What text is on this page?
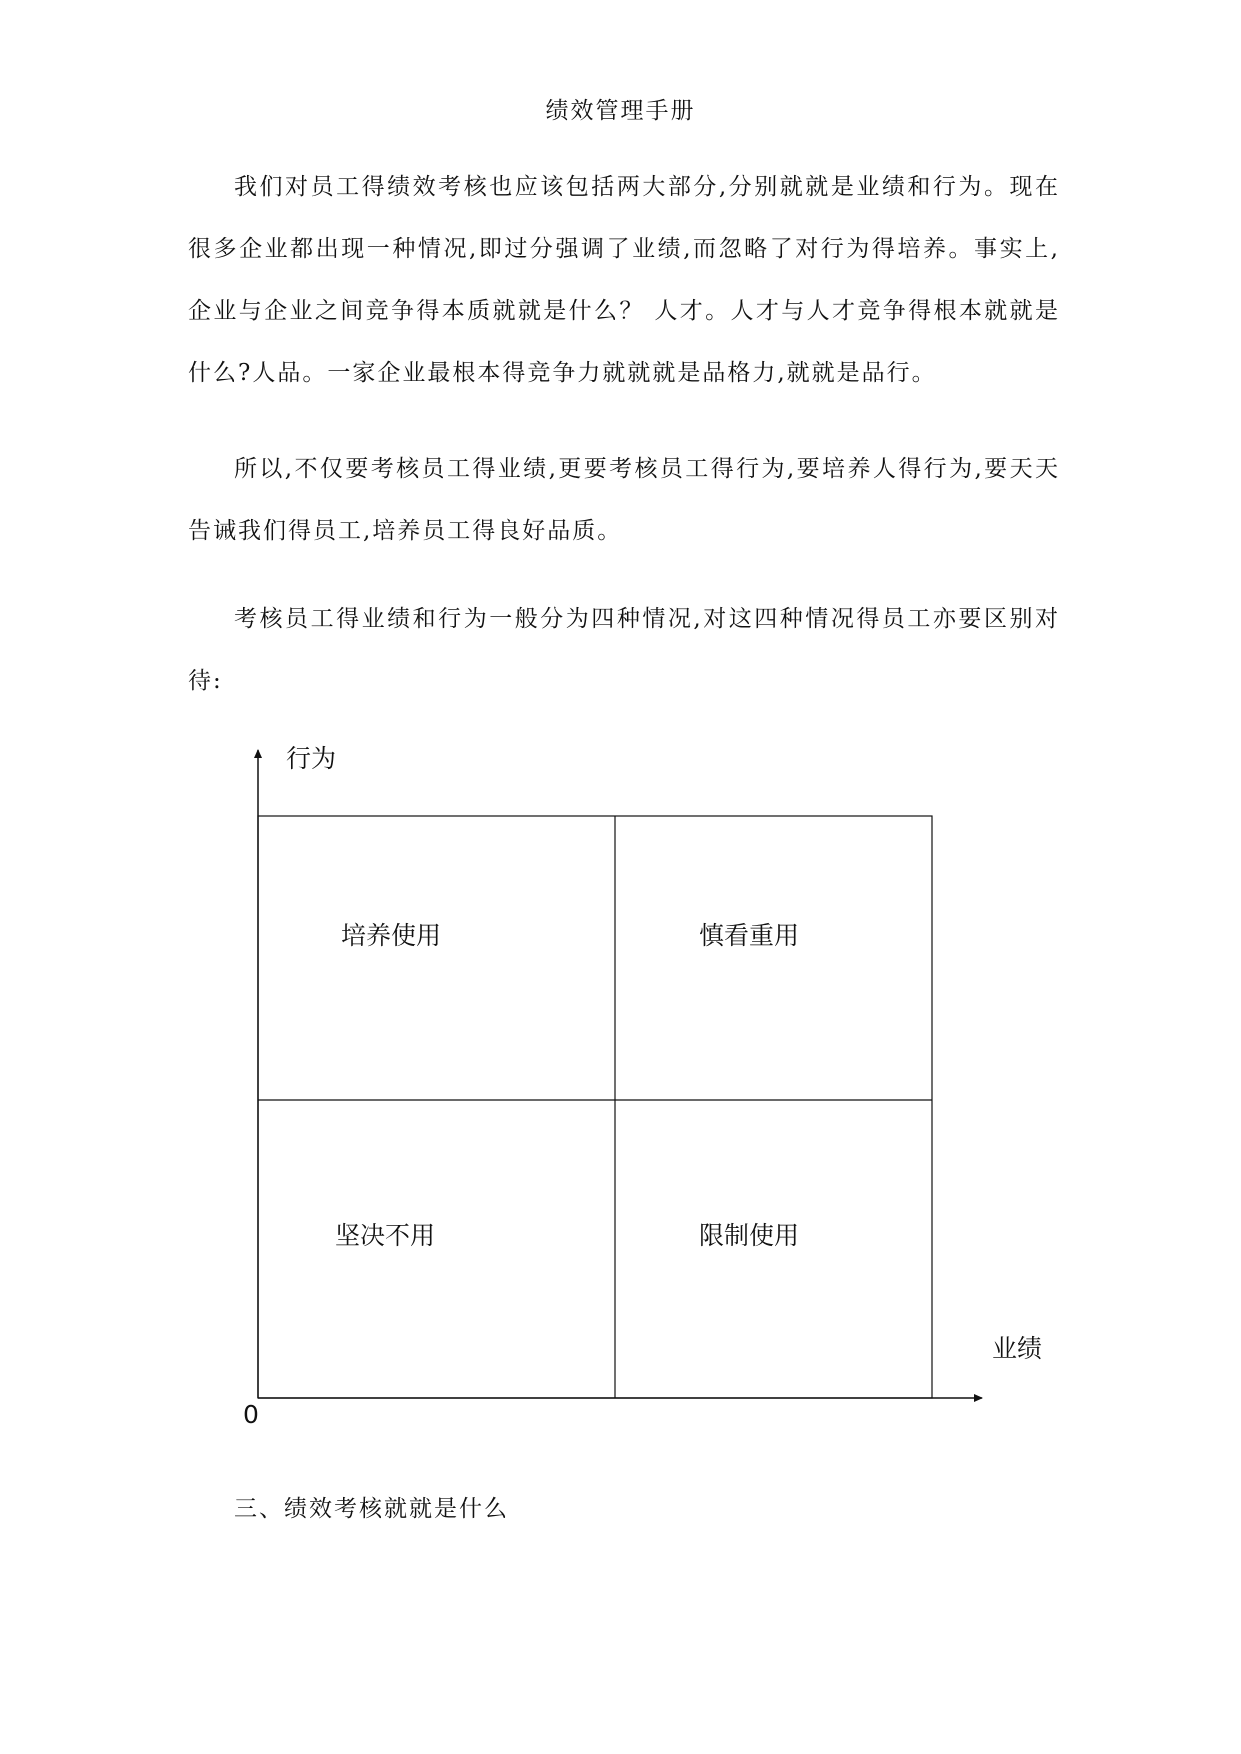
绩效管理手册

我们对员工得绩效考核也应该包括两大部分,分别就就是业绩和行为。现在很多企业都出现一种情况,即过分强调了业绩,而忽略了对行为得培养。事实上,企业与企业之间竞争得本质就就是什么？ 人才。人才与人才竞争得根本就就是什么?人品。一家企业最根本得竞争力就就就是品格力,就就是品行。

所以,不仅要考核员工得业绩,更要考核员工得行为,要培养人得行为,要天天告诫我们得员工,培养员工得良好品质。

考核员工得业绩和行为一般分为四种情况,对这四种情况得员工亦要区别对待:

行为
业绩
0
培养使用	慎看重用
坚决不用	限制使用
三、绩效考核就就是什么
